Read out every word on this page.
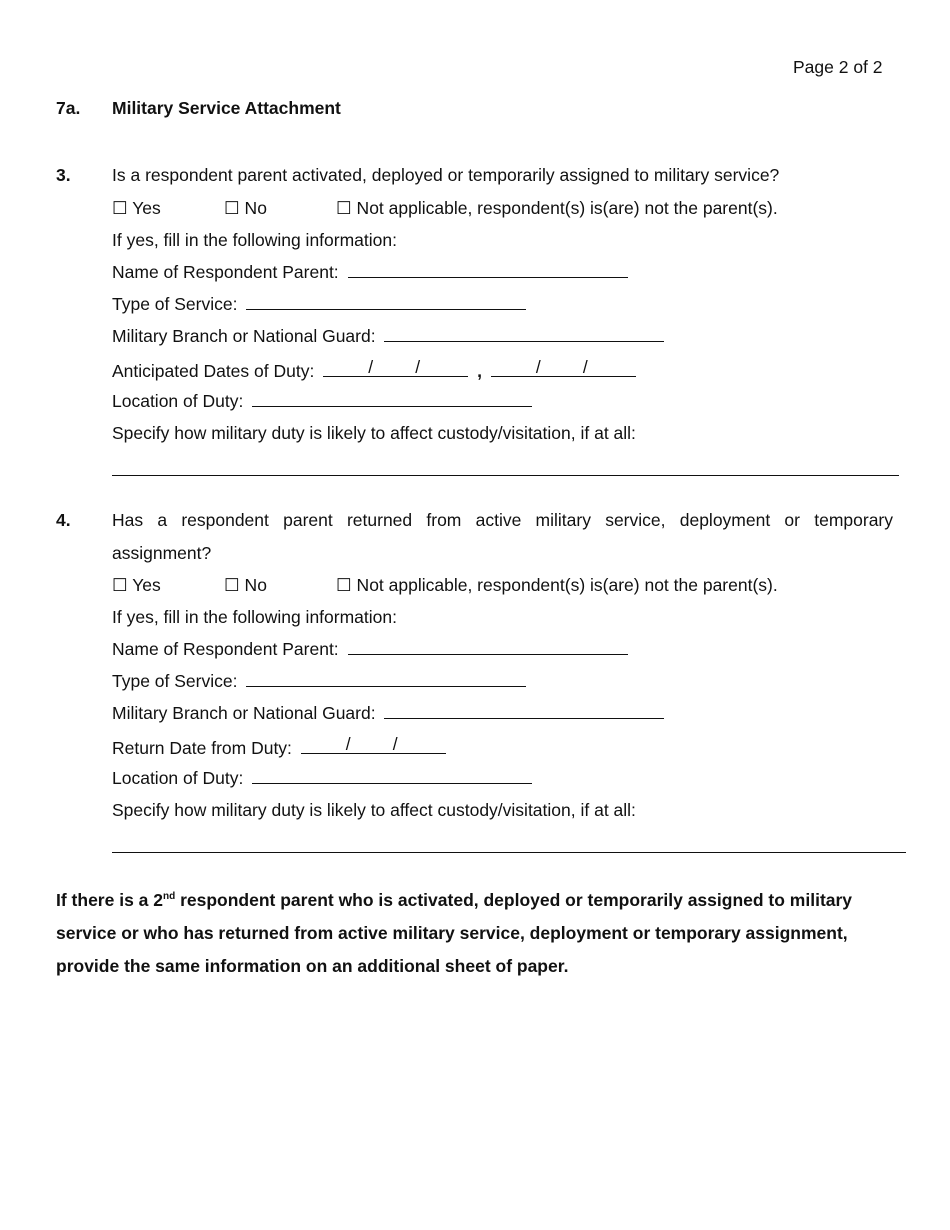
Page 2 of 2
7a. Military Service Attachment
3. Is a respondent parent activated, deployed or temporarily assigned to military service?
☐ Yes	☐ No	☐ Not applicable, respondent(s) is(are) not the parent(s).
If yes, fill in the following information:
Name of Respondent Parent:
Type of Service:
Military Branch or National Guard:
Anticipated Dates of Duty:	/ /	,	/ /
Location of Duty:
Specify how military duty is likely to affect custody/visitation, if at all:
4. Has a respondent parent returned from active military service, deployment or temporary
assignment?
☐ Yes	☐ No	☐ Not applicable, respondent(s) is(are) not the parent(s).
If yes, fill in the following information:
Name of Respondent Parent:
Type of Service:
Military Branch or National Guard:
Return Date from Duty:	/ /
Location of Duty:
Specify how military duty is likely to affect custody/visitation, if at all:
If there is a 2nd respondent parent who is activated, deployed or temporarily assigned to military service or who has returned from active military service, deployment or temporary assignment, provide the same information on an additional sheet of paper.
